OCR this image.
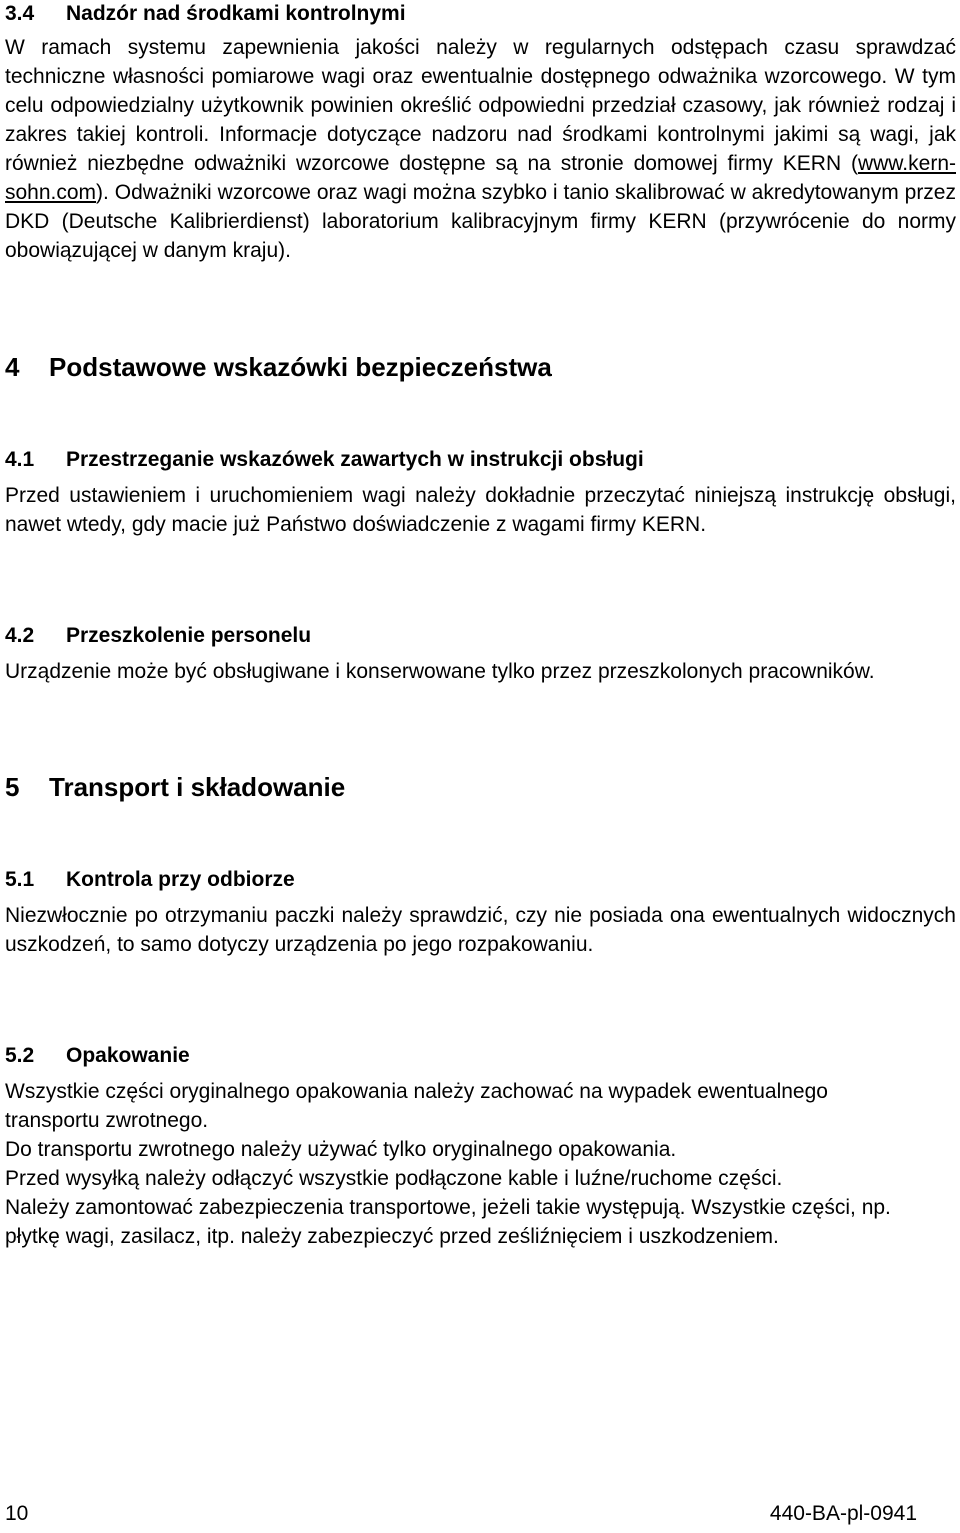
3.4	Nadzór nad środkami kontrolnymi

W ramach systemu zapewnienia jakości należy w regularnych odstępach czasu sprawdzać techniczne własności pomiarowe wagi oraz ewentualnie dostępnego odważnika wzorcowego. W tym celu odpowiedzialny użytkownik powinien określić odpowiedni przedział czasowy, jak również rodzaj i zakres takiej kontroli. Informacje dotyczące nadzoru nad środkami kontrolnymi jakimi są wagi, jak również niezbędne odważniki wzorcowe dostępne są na stronie domowej firmy KERN (www.kern-sohn.com). Odważniki wzorcowe oraz wagi można szybko i tanio skalibrować w akredytowanym przez DKD (Deutsche Kalibrierdienst) laboratorium kalibracyjnym firmy KERN (przywrócenie do normy obowiązującej w danym kraju).

4	Podstawowe wskazówki bezpieczeństwa
4.1	Przestrzeganie wskazówek zawartych w instrukcji obsługi

Przed ustawieniem i uruchomieniem wagi należy dokładnie przeczytać niniejszą instrukcję obsługi, nawet wtedy, gdy macie już Państwo doświadczenie z wagami firmy KERN.

4.2	Przeszkolenie personelu

Urządzenie może być obsługiwane i konserwowane tylko przez przeszkolonych pracowników.

5	Transport i składowanie
5.1	Kontrola przy odbiorze

Niezwłocznie po otrzymaniu paczki należy sprawdzić, czy nie posiada ona ewentualnych widocznych uszkodzeń, to samo dotyczy urządzenia po jego rozpakowaniu.

5.2	Opakowanie

Wszystkie części oryginalnego opakowania należy zachować na wypadek ewentualnego transportu zwrotnego.

Do transportu zwrotnego należy używać tylko oryginalnego opakowania.

Przed wysyłką należy odłączyć wszystkie podłączone kable i luźne/ruchome części.

Należy zamontować zabezpieczenia transportowe, jeżeli takie występują. Wszystkie części, np. płytkę wagi, zasilacz, itp. należy zabezpieczyć przed ześliźnięciem i uszkodzeniem.

10	440-BA-pl-0941
